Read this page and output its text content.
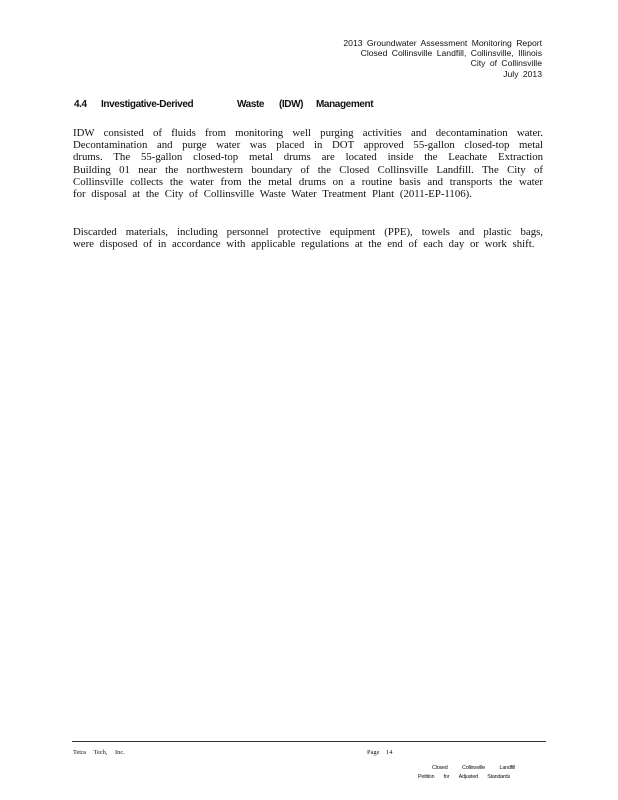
2013 Groundwater Assessment Monitoring Report
Closed Collinsville Landfill, Collinsville, Illinois
City of Collinsville
July 2013
4.4	Investigative-Derived	Waste	(IDW)	Management
IDW consisted of fluids from monitoring well purging activities and decontamination water.
Decontamination and purge water was placed in DOT approved 55-gallon closed-top metal
drums. The 55-gallon closed-top metal drums are located inside the Leachate Extraction
Building 01 near the northwestern boundary of the Closed Collinsville Landfill. The City of
Collinsville collects the water from the metal drums on a routine basis and transports the water
for disposal at the City of Collinsville Waste Water Treatment Plant (2011-EP-1106).
Discarded materials, including personnel protective equipment (PPE), towels and plastic bags,
were disposed of in accordance with applicable regulations at the end of each day or work shift.
Tetra Tech, Inc.	Page 14
Closed	Collinsville	Landfill
Petition for Adjusted Standards
